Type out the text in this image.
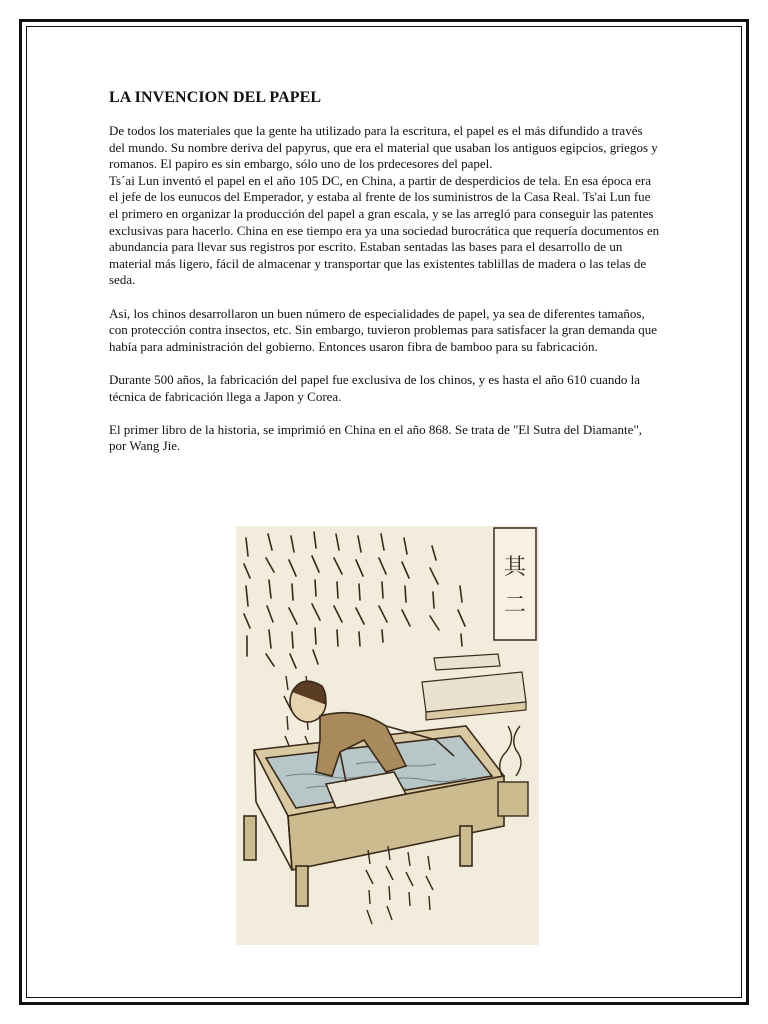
LA INVENCION DEL PAPEL

De todos los materiales que la gente ha utilizado para la escritura, el papel es el más difundido a través del mundo. Su nombre deriva del papyrus, que era el material que usaban los antiguos egipcios, griegos y romanos. El papiro es sin embargo, sólo uno de los prdecesores del papel.

Ts´ai Lun inventó el papel en el año 105 DC, en China, a partir de desperdicios de tela. En esa época era el jefe de los eunucos del Emperador, y estaba al frente de los suministros de la Casa Real. Ts'ai Lun fue el primero en organizar la producción del papel a gran escala, y se las arregló para conseguir las patentes exclusivas para hacerlo. China en ese tiempo era ya una sociedad burocrática que requería documentos en abundancia para llevar sus registros por escrito. Estaban sentadas las bases para el desarrollo de un material más ligero, fácil de almacenar y transportar que las existentes tablillas de madera o las telas de seda.

Asi, los chinos desarrollaron un buen número de especialidades de papel, ya sea de diferentes tamaños, con protección contra insectos, etc. Sin embargo, tuvieron problemas para satisfacer la gran demanda que había para administración del gobierno. Entonces usaron fibra de bamboo para su fabricación.

Durante 500 años, la fabricación del papel fue exclusiva de los chinos, y es hasta el año 610 cuando la técnica de fabricación llega a Japon y Corea.

El primer libro de la historia, se imprimió en China en el año 868. Se trata de "El Sutra del Diamante", por Wang Jie.

其
二
